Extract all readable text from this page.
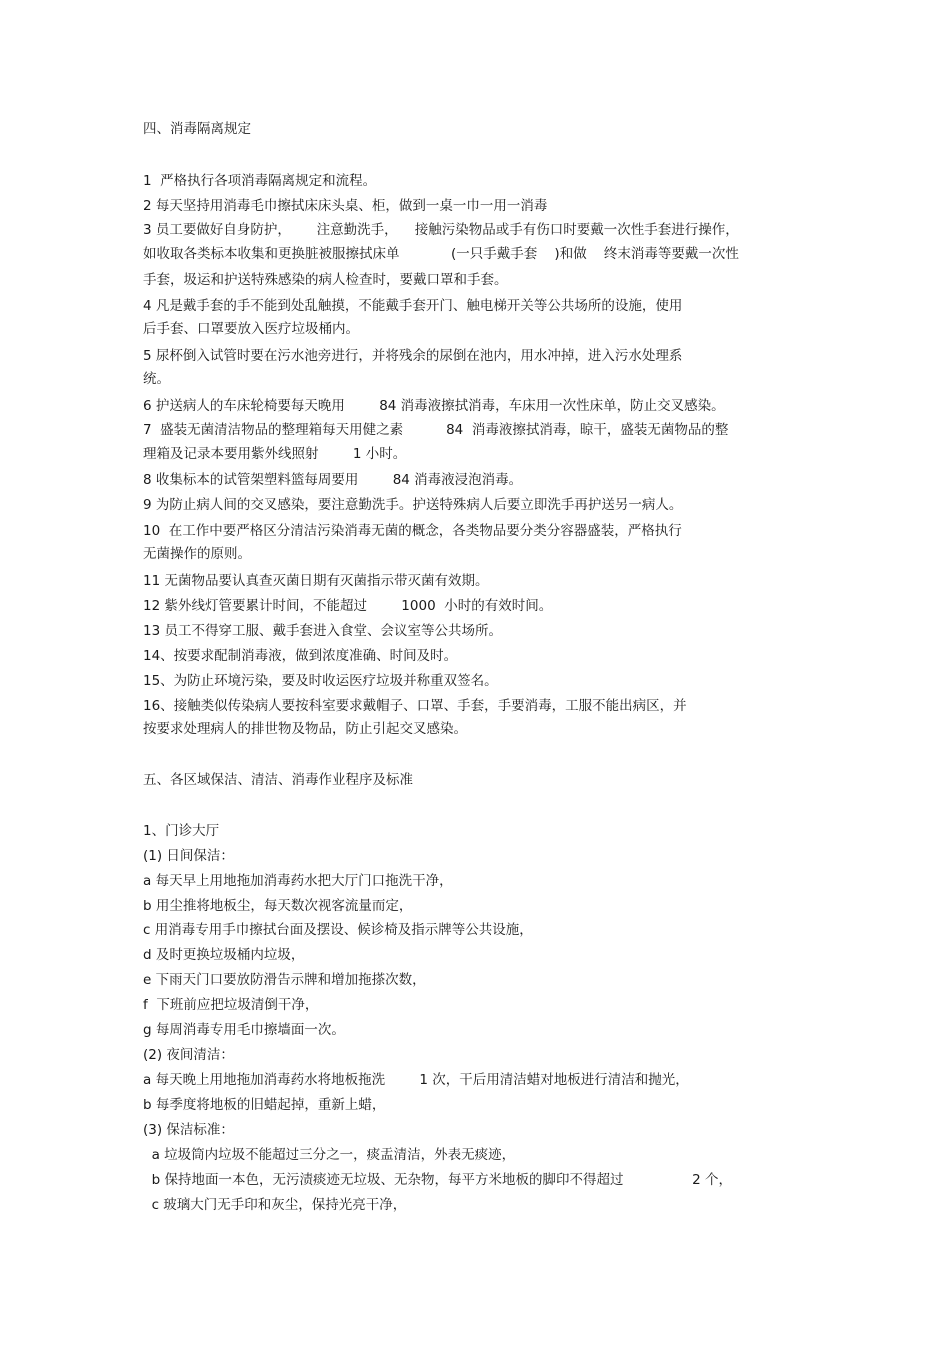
四、消毒隔离规定
1  严格执行各项消毒隔离规定和流程。
2 每天坚持用消毒毛巾擦拭床床头桌、柜，做到一桌一巾一用一消毒
3 员工要做好自身防护，      注意勤洗手，    接触污染物品或手有伤口时要戴一次性手套进行操作，
如收取各类标本收集和更换脏被服擦拭床单            (一只手戴手套    )和做    终末消毒等要戴一次性
手套，圾运和护送特殊感染的病人检查时，要戴口罩和手套。
4 凡是戴手套的手不能到处乱触摸，不能戴手套开门、触电梯开关等公共场所的设施，使用
后手套、口罩要放入医疗垃圾桶内。
5 尿杯倒入试管时要在污水池旁进行，并将残余的尿倒在池内，用水冲掉，进入污水处理系
统。
6 护送病人的车床轮椅要每天晚用        84 消毒液擦拭消毒，车床用一次性床单，防止交叉感染。
7  盛装无菌清洁物品的整理箱每天用健之素          84  消毒液擦拭消毒，晾干，盛装无菌物品的整
理箱及记录本要用紫外线照射        1 小时。
8 收集标本的试管架塑料篮每周要用        84 消毒液浸泡消毒。
9 为防止病人间的交叉感染，要注意勤洗手。护送特殊病人后要立即洗手再护送另一病人。
10  在工作中要严格区分清洁污染消毒无菌的概念，各类物品要分类分容器盛装，严格执行
无菌操作的原则。
11 无菌物品要认真查灭菌日期有灭菌指示带灭菌有效期。
12 紫外线灯管要累计时间，不能超过        1000  小时的有效时间。
13 员工不得穿工服、戴手套进入食堂、会议室等公共场所。
14、按要求配制消毒液，做到浓度准确、时间及时。
15、为防止环境污染，要及时收运医疗垃圾并称重双签名。
16、接触类似传染病人要按科室要求戴帽子、口罩、手套，手要消毒，工服不能出病区，并
按要求处理病人的排世物及物品，防止引起交叉感染。
五、各区域保洁、清洁、消毒作业程序及标准
1、门诊大厅
(1) 日间保洁：
a 每天早上用地拖加消毒药水把大厅门口拖洗干净，
b 用尘推将地板尘，每天数次视客流量而定，
c 用消毒专用手巾擦拭台面及摆设、候诊椅及指示牌等公共设施，
d 及时更换垃圾桶内垃圾，
e 下雨天门口要放防滑告示牌和增加拖搽次数，
f  下班前应把垃圾清倒干净，
g 每周消毒专用毛巾擦墙面一次。
(2) 夜间清洁：
a 每天晚上用地拖加消毒药水将地板拖洗        1 次，干后用清洁蜡对地板进行清洁和抛光，
b 每季度将地板的旧蜡起掉，重新上蜡，
(3) 保洁标准：
a 垃圾筒内垃圾不能超过三分之一，痰盂清洁，外表无痰迹，
b 保持地面一本色，无污渍痰迹无垃圾、无杂物，每平方米地板的脚印不得超过                2 个，
c 玻璃大门无手印和灰尘，保持光亮干净，
